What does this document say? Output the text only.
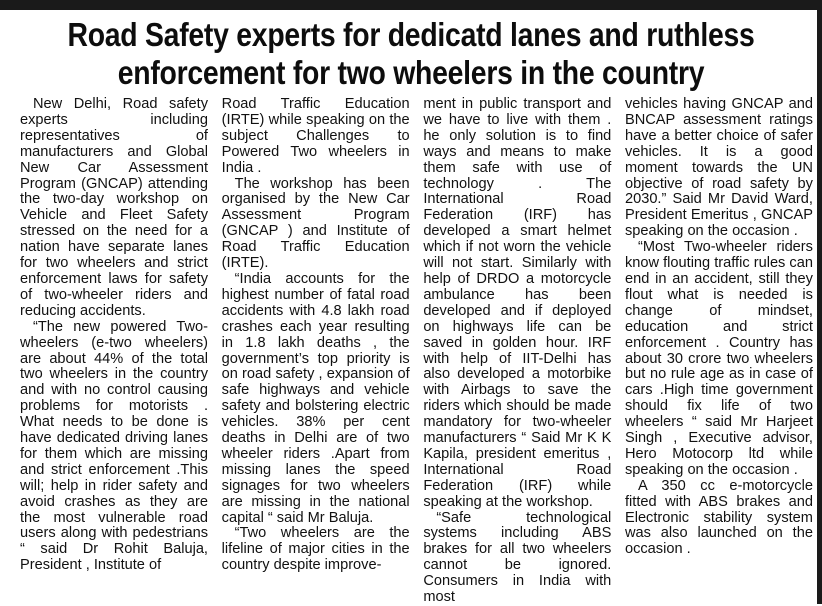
Road Safety experts for dedicatd lanes and ruthless
enforcement for two wheelers in the country

New Delhi, Road safety experts including representatives of manufacturers and Global New Car Assessment Program (GNCAP) attending the two-day workshop on Vehicle and Fleet Safety stressed on the need for a nation have separate lanes for two wheelers and strict enforcement laws for safety of two-wheeler riders and reducing accidents.

“The new powered Two-wheelers (e-two wheelers) are about 44% of the total two wheelers in the country and with no control causing problems for motorists . What needs to be done is have dedicated driving lanes for them which are missing and strict enforcement .This will; help in rider safety and avoid crashes as they are the most vulnerable road users along with pedestrians “ said Dr Rohit Baluja, President , Institute of

Road Traffic Education (IRTE) while speaking on the subject Challenges to Powered Two wheelers in India .

The workshop has been organised by the New Car Assessment Program (GNCAP ) and Institute of Road Traffic Education (IRTE).

“India accounts for the highest number of fatal road accidents with 4.8 lakh road crashes each year resulting in 1.8 lakh deaths , the government’s top priority is on road safety , expansion of safe highways and vehicle safety and bolstering electric vehicles. 38% per cent deaths in Delhi are of two wheeler riders .Apart from missing lanes the speed signages for two wheelers are missing in the national capital “ said Mr Baluja.

“Two wheelers are the lifeline of major cities in the country despite improve-

ment in public transport and we have to live with them . he only solution is to find ways and means to make them safe with use of technology . The International Road Federation (IRF) has developed a smart helmet which if not worn the vehicle will not start. Similarly with help of DRDO a motorcycle ambulance has been developed and if deployed on highways life can be saved in golden hour. IRF with help of IIT-Delhi has also developed a motorbike with Airbags to save the riders which should be made mandatory for two-wheeler manufacturers “ Said Mr K K Kapila, president emeritus , International Road Federation (IRF) while speaking at the workshop.

“Safe technological systems including ABS brakes for all two wheelers cannot be ignored. Consumers in India with most

vehicles having GNCAP and BNCAP assessment ratings have a better choice of safer vehicles. It is a good moment towards the UN objective of road safety by 2030.” Said Mr David Ward, President Emeritus , GNCAP speaking on the occasion .

“Most Two-wheeler riders know flouting traffic rules can end in an accident, still they flout what is needed is change of mindset, education and strict enforcement . Country has about 30 crore two wheelers but no rule age as in case of cars .High time government should fix life of two wheelers “ said Mr Harjeet Singh , Executive advisor, Hero Motocorp ltd while speaking on the occasion .

A 350 cc e-motorcycle fitted with ABS brakes and Electronic stability system was also launched on the occasion .
